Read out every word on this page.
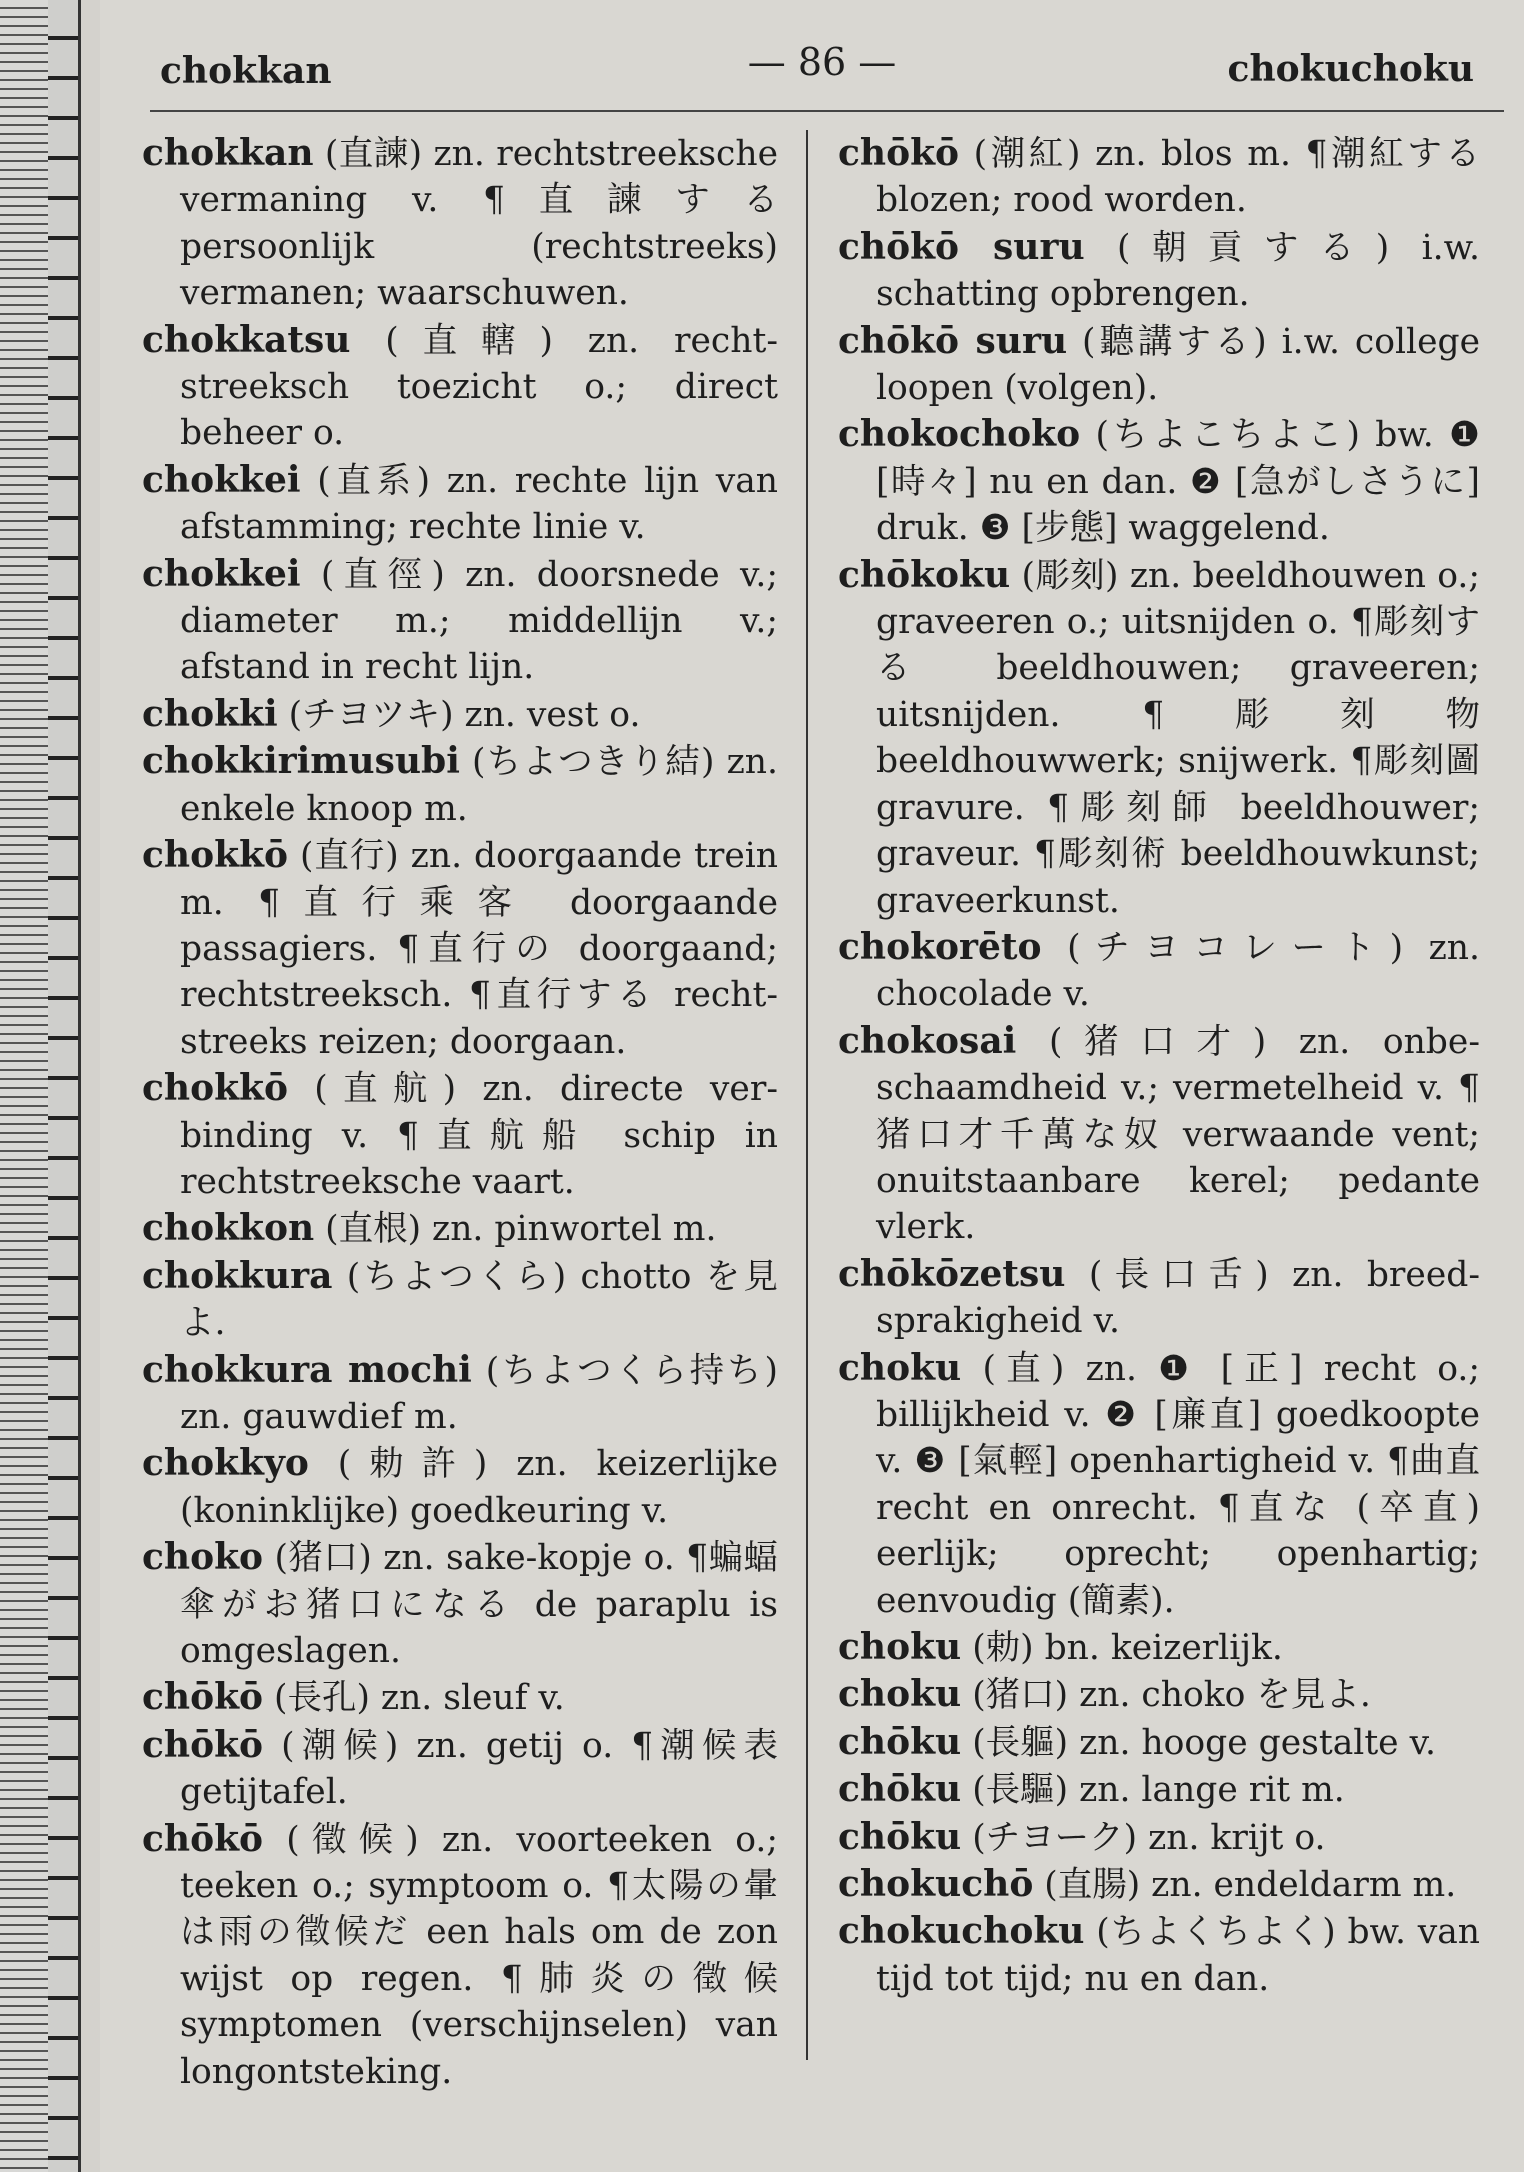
chokkan	— 86 —	chokuchoku

chokkan (直諫) zn. rechtstreeksche vermaning v. ¶直諫する persoonlijk (rechtstreeks) vermanen; waarschuwen.

chokkatsu (直轄) zn. rechtstreeksch toezicht o.; direct beheer o.

chokkei (直系) zn. rechte lijn van afstamming; rechte linie v.

chokkei (直徑) zn. doorsnede v.; diameter m.; middellijn v.; afstand in recht lijn.

chokki (チヨツキ) zn. vest o.

chokkirimusubi (ちよつきり結) zn. enkele knoop m.

chokkō (直行) zn. doorgaande trein m. ¶直行乘客 doorgaande passagiers. ¶直行の doorgaand; rechtstreeksch. ¶直行する rechtstreeks reizen; doorgaan.

chokkō (直航) zn. directe verbinding v. ¶直航船 schip in rechtstreeksche vaart.

chokkon (直根) zn. pinwortel m.

chokkura (ちよつくら) chotto を見よ.

chokkura mochi (ちよつくら持ち) zn. gauwdief m.

chokkyo (勅許) zn. keizerlijke (koninklijke) goedkeuring v.

choko (猪口) zn. sake-kopje o. ¶蝙蝠傘がお猪口になる de paraplu is omgeslagen.

chōkō (長孔) zn. sleuf v.

chōkō (潮候) zn. getij o. ¶潮候表 getijtafel.

chōkō (徵候) zn. voorteeken o.; teeken o.; symptoom o. ¶太陽の暈は雨の徵候だ een hals om de zon wijst op regen. ¶肺炎の徵候 symptomen (verschijnselen) van longontsteking.

chōkō (潮紅) zn. blos m. ¶潮紅する blozen; rood worden.

chōkō suru (朝貢する) i.w. schatting opbrengen.

chōkō suru (聽講する) i.w. college loopen (volgen).

chokochoko (ちよこちよこ) bw. ❶ [時々] nu en dan. ❷ [急がしさうに] druk. ❸ [步態] waggelend.

chōkoku (彫刻) zn. beeldhouwen o.; graveeren o.; uitsnijden o. ¶彫刻する beeldhouwen; graveeren; uitsnijden. ¶彫刻物 beeldhouwwerk; snijwerk. ¶彫刻圖 gravure. ¶彫刻師 beeldhouwer; graveur. ¶彫刻術 beeldhouwkunst; graveerkunst.

chokorēto (チヨコレート) zn. chocolade v.

chokosai (猪口才) zn. onbeschaamdheid v.; vermetelheid v. ¶猪口才千萬な奴 verwaande vent; onuitstaanbare kerel; pedante vlerk.

chōkōzetsu (長口舌) zn. breedsprakigheid v.

choku (直) zn. ❶ [正] recht o.; billijkheid v. ❷ [廉直] goedkoopte v. ❸ [氣輕] openhartigheid v. ¶曲直 recht en onrecht. ¶直な (卒直) eerlijk; oprecht; openhartig; eenvoudig (簡素).

choku (勅) bn. keizerlijk.

choku (猪口) zn. choko を見よ.

chōku (長軀) zn. hooge gestalte v.

chōku (長驅) zn. lange rit m.

chōku (チヨーク) zn. krijt o.

chokuchō (直腸) zn. endeldarm m.

chokuchoku (ちよくちよく) bw. van tijd tot tijd; nu en dan.
